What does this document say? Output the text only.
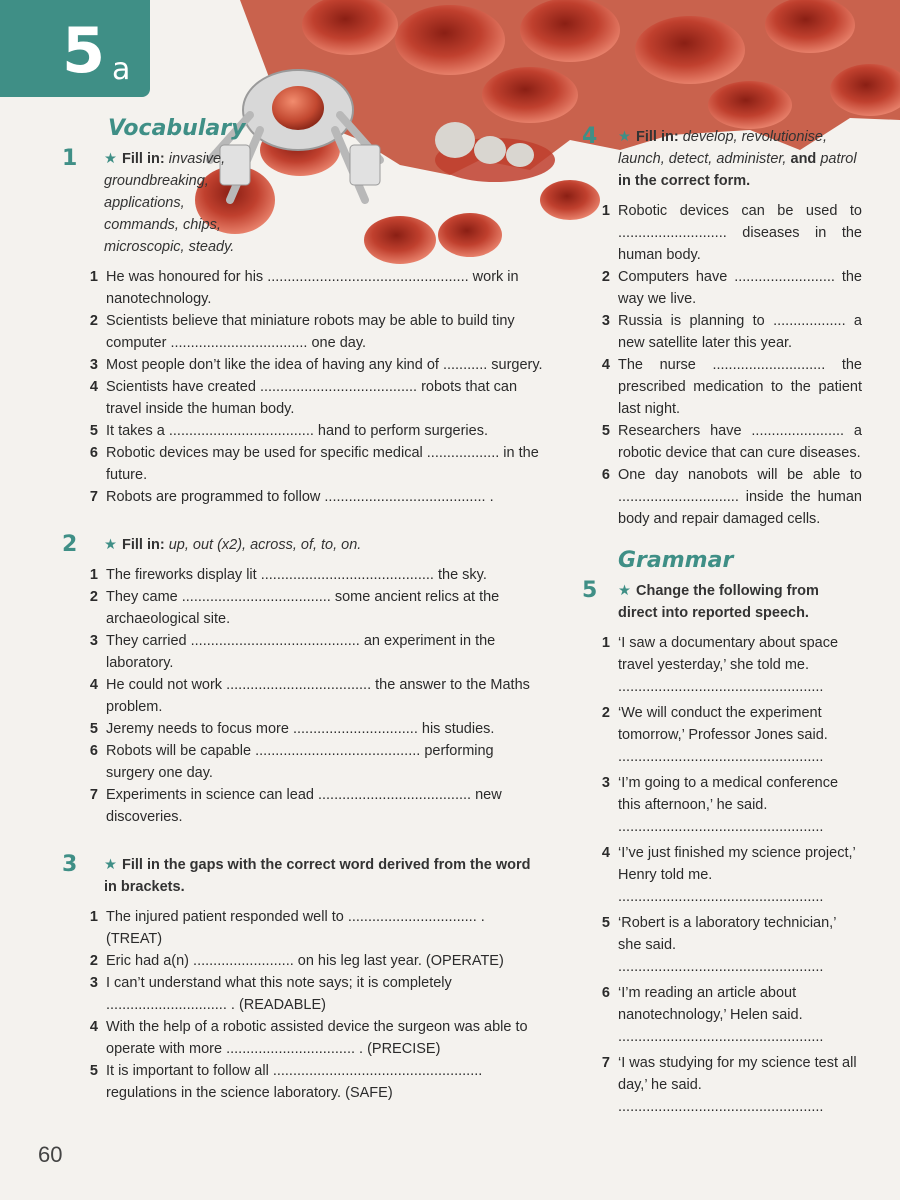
5 a
Vocabulary
1	★ Fill in: invasive, groundbreaking, applications, commands, chips, microscopic, steady.
1 He was honoured for his .................................................. work in nanotechnology.
2 Scientists believe that miniature robots may be able to build tiny computer .................................. one day.
3 Most people don’t like the idea of having any kind of ........... surgery.
4 Scientists have created ....................................... robots that can travel inside the human body.
5 It takes a .................................... hand to perform surgeries.
6 Robotic devices may be used for specific medical .................. in the future.
7 Robots are programmed to follow ........................................ .
2	★ Fill in: up, out (x2), across, of, to, on.
1 The fireworks display lit ........................................... the sky.
2 They came ..................................... some ancient relics at the archaeological site.
3 They carried .......................................... an experiment in the laboratory.
4 He could not work .................................... the answer to the Maths problem.
5 Jeremy needs to focus more ............................... his studies.
6 Robots will be capable ......................................... performing surgery one day.
7 Experiments in science can lead ...................................... new discoveries.
3	★ Fill in the gaps with the correct word derived from the word in brackets.
1 The injured patient responded well to ................................ . (TREAT)
2 Eric had a(n) ......................... on his leg last year. (OPERATE)
3 I can’t understand what this note says; it is completely .............................. . (READABLE)
4 With the help of a robotic assisted device the surgeon was able to operate with more ................................ . (PRECISE)
5 It is important to follow all .................................................... regulations in the science laboratory. (SAFE)
4	★ Fill in: develop, revolutionise, launch, detect, administer, and patrol in the correct form.
1 Robotic devices can be used to ........................... diseases in the human body.
2 Computers have ......................... the way we live.
3 Russia is planning to .................. a new satellite later this year.
4 The nurse ............................ the prescribed medication to the patient last night.
5 Researchers have ....................... a robotic device that can cure diseases.
6 One day nanobots will be able to .............................. inside the human body and repair damaged cells.
Grammar
5	★ Change the following from direct into reported speech.
1 ‘I saw a documentary about space travel yesterday,’ she told me.
...................................................
2 ‘We will conduct the experiment tomorrow,’ Professor Jones said.
...................................................
3 ‘I’m going to a medical conference this afternoon,’ he said.
...................................................
4 ‘I’ve just finished my science project,’ Henry told me.
...................................................
5 ‘Robert is a laboratory technician,’ she said.
...................................................
6 ‘I’m reading an article about nanotechnology,’ Helen said.
...................................................
7 ‘I was studying for my science test all day,’ he said.
...................................................
60
